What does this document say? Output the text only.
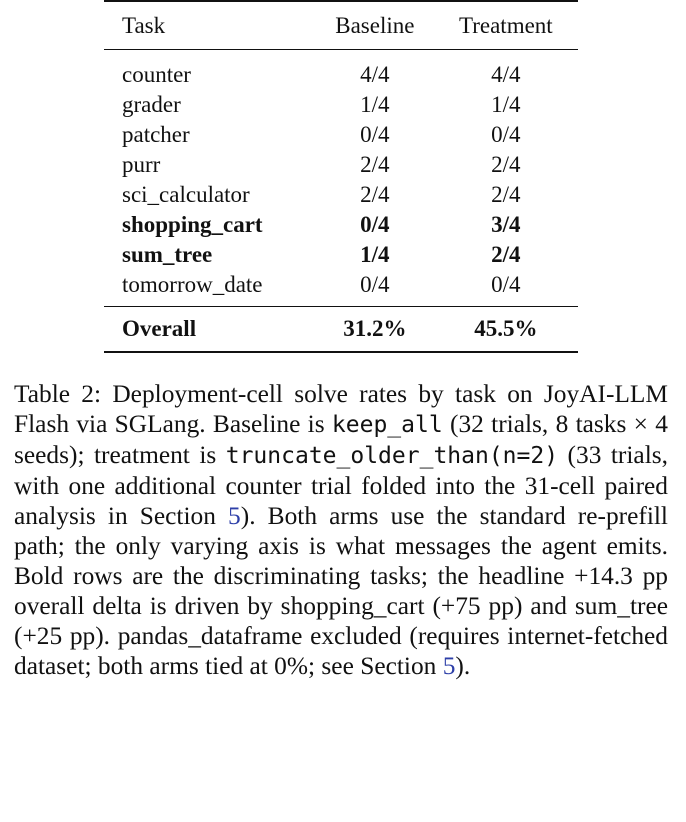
Task	Baseline	Treatment
counter	4/4	4/4
grader	1/4	1/4
patcher	0/4	0/4
purr	2/4	2/4
sci_calculator	2/4	2/4
shopping_cart	0/4	3/4
sum_tree	1/4	2/4
tomorrow_date	0/4	0/4
Overall	31.2%	45.5%

Table 2: Deployment-cell solve rates by task on JoyAI-LLM Flash via SGLang. Baseline is keep_all (32 trials, 8 tasks × 4 seeds); treatment is truncate_older_than(n=2) (33 trials, with one additional counter trial folded into the 31-cell paired analysis in Section 5). Both arms use the standard re-prefill path; the only varying axis is what messages the agent emits. Bold rows are the discriminating tasks; the headline +14.3 pp overall delta is driven by shopping_cart (+75 pp) and sum_tree (+25 pp). pandas_dataframe excluded (requires internet-fetched dataset; both arms tied at 0%; see Section 5).
